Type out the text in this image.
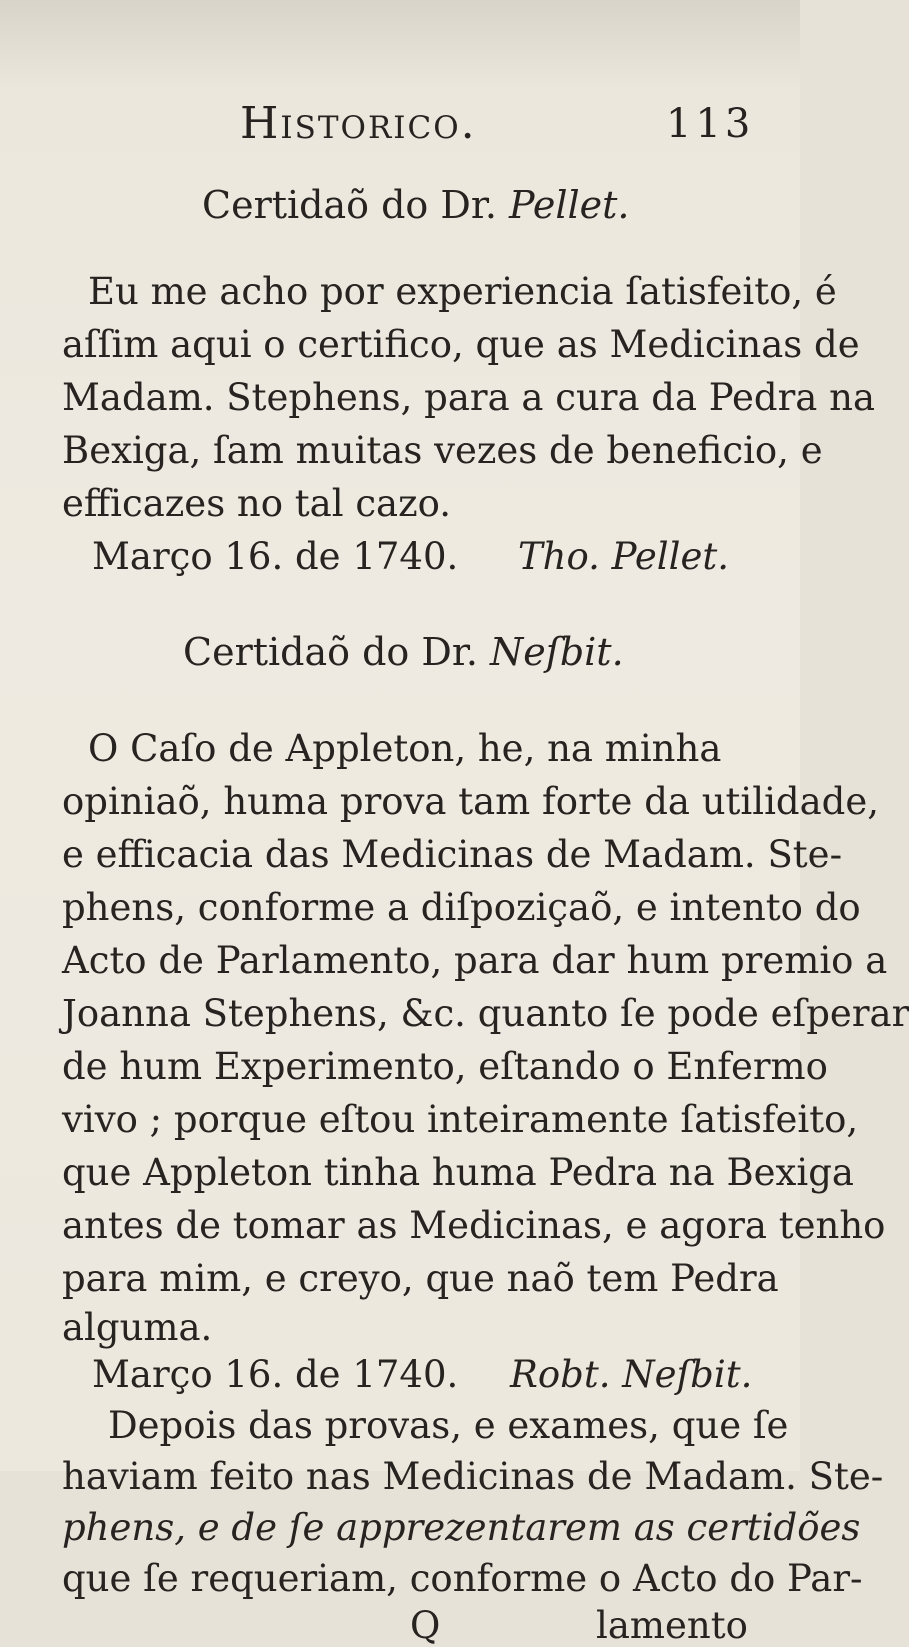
Historico.	113
Certidaõ do Dr. Pellet.
Eu me acho por experiencia ſatisfeito, é
aſſim aqui o certifico, que as Medicinas de
Madam. Stephens, para a cura da Pedra na
Bexiga, ſam muitas vezes de beneficio, e
efficazes no tal cazo.
Março 16. de 1740. Tho. Pellet.
Certidaõ do Dr. Neſbit.
O Caſo de Appleton, he, na minha
opiniaõ, huma prova tam forte da utilidade,
e efficacia das Medicinas de Madam. Ste-
phens, conforme a diſpoziçaõ, e intento do
Acto de Parlamento, para dar hum premio a
Joanna Stephens, &c. quanto ſe pode eſperar
de hum Experimento, eſtando o Enfermo
vivo ; porque eſtou inteiramente ſatisfeito,
que Appleton tinha huma Pedra na Bexiga
antes de tomar as Medicinas, e agora tenho
para mim, e creyo, que naõ tem Pedra
alguma.
Março 16. de 1740. Robt. Neſbit.
Depois das provas, e exames, que ſe
haviam feito nas Medicinas de Madam. Ste-
phens, e de ſe apprezentarem as certidões
que ſe requeriam, conforme o Acto do Par-
Q	lamento
